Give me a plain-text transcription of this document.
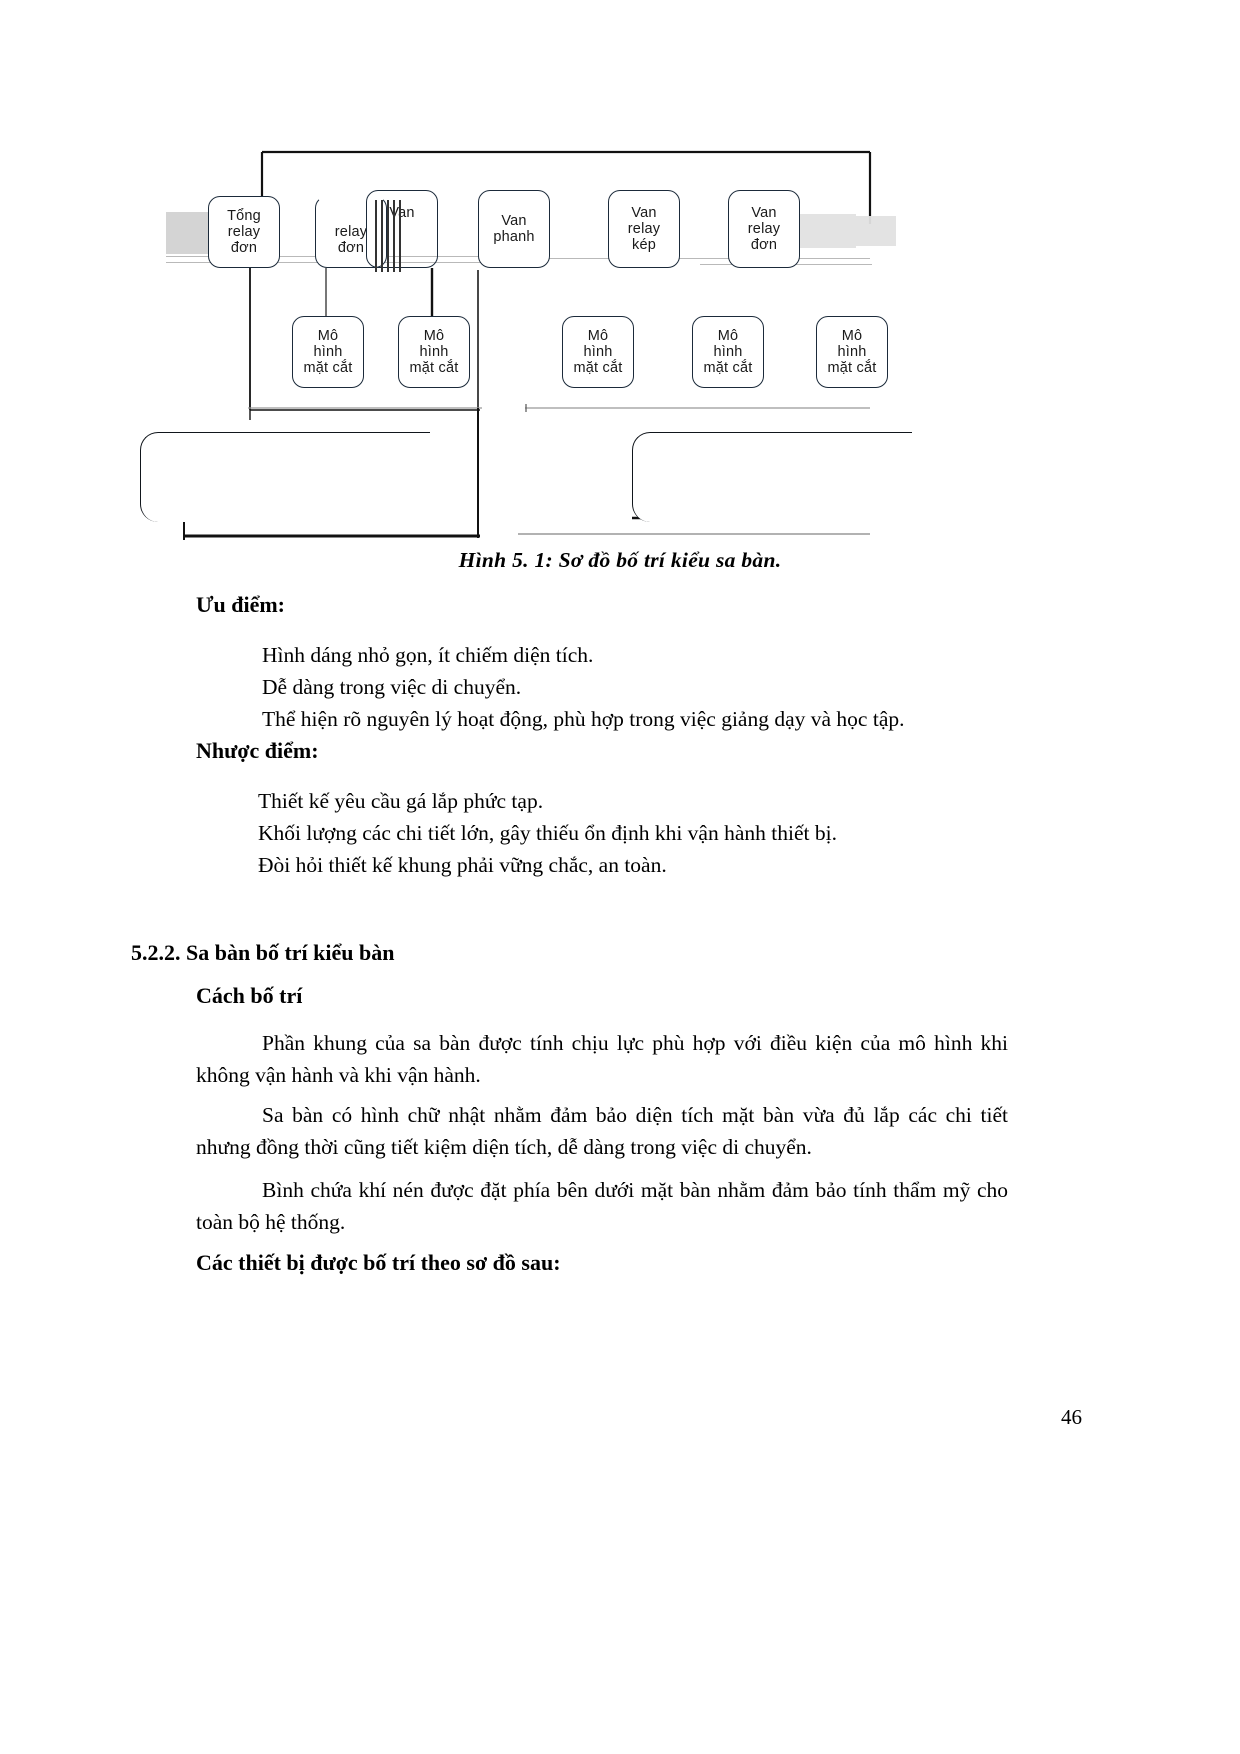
Tổng
relay
đơn
relay
đơn
Van
Van
phanh
Van
relay
kép
Van
relay
đơn
Mô
hình
mặt cắt
Mô
hình
mặt cắt
Mô
hình
mặt cắt
Mô
hình
mặt cắt
Mô
hình
mặt cắt
Hình 5. 1: Sơ đồ bố trí kiểu sa bàn.
Ưu điểm:
Hình dáng nhỏ gọn, ít chiếm diện tích.
Dễ dàng trong việc di chuyển.
Thể hiện rõ nguyên lý hoạt động, phù hợp trong việc giảng dạy và học tập.
Nhược điểm:
Thiết kế yêu cầu gá lắp phức tạp.
Khối lượng các chi tiết lớn, gây thiếu ổn định khi vận hành thiết bị.
Đòi hỏi thiết kế khung phải vững chắc, an toàn.
5.2.2. Sa bàn bố trí kiểu bàn
Cách bố trí
Phần khung của sa bàn được tính chịu lực phù hợp với điều kiện của mô hình khi không vận hành và khi vận hành.
Sa bàn có hình chữ nhật nhằm đảm bảo diện tích mặt bàn vừa đủ lắp các chi tiết nhưng đồng thời cũng tiết kiệm diện tích, dễ dàng trong việc di chuyển.
Bình chứa khí nén được đặt phía bên dưới mặt bàn nhằm đảm bảo tính thẩm mỹ cho toàn bộ hệ thống.
Các thiết bị được bố trí theo sơ đồ sau:
46
